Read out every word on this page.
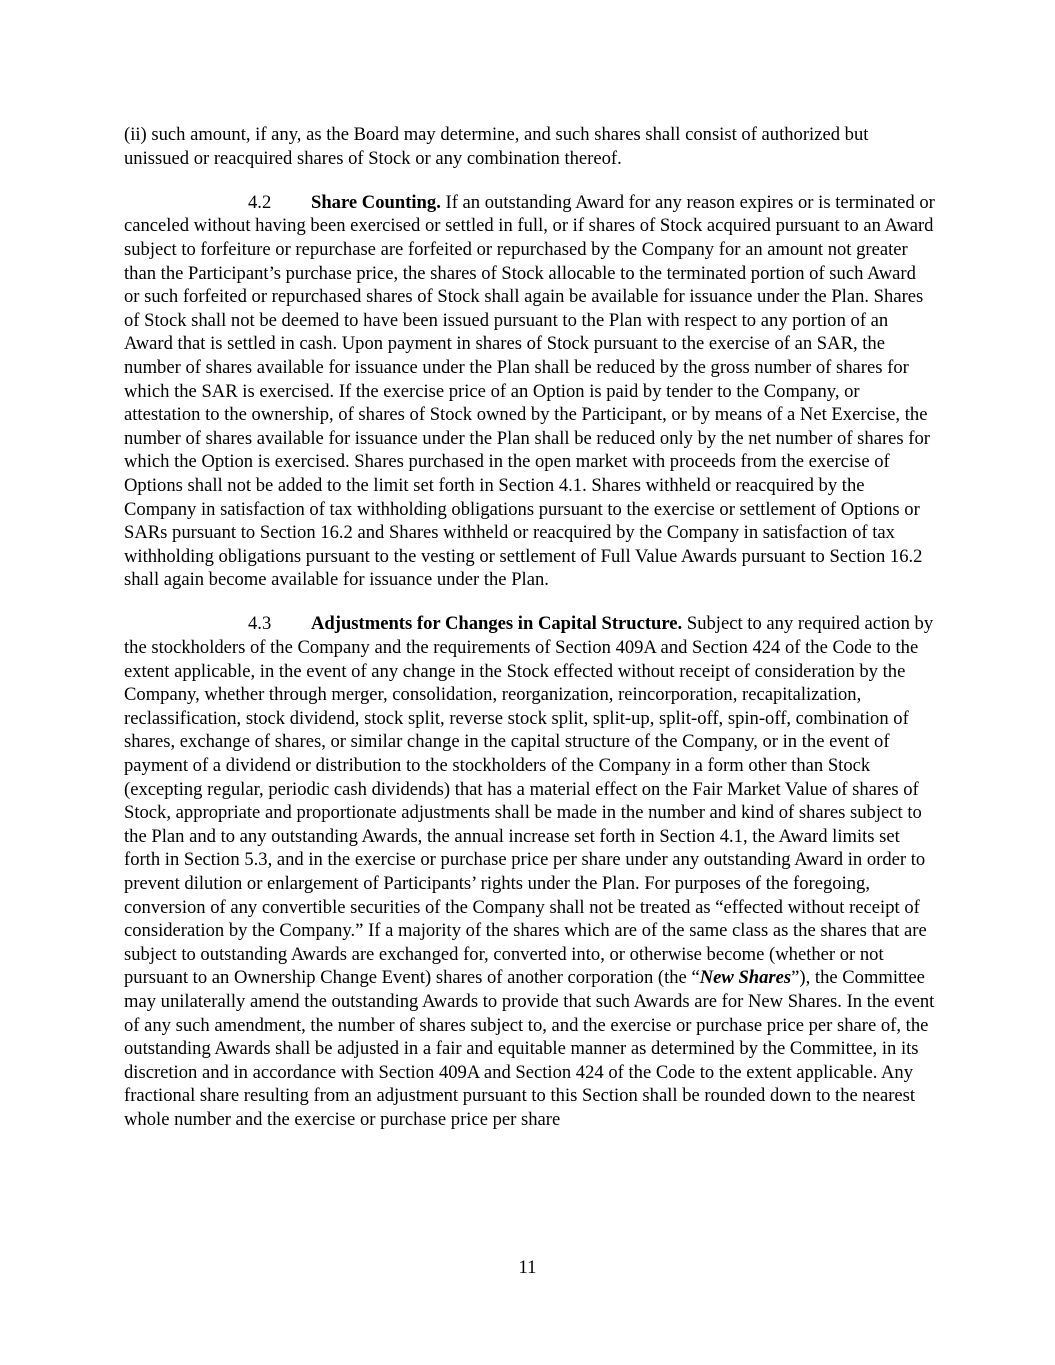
(ii) such amount, if any, as the Board may determine, and such shares shall consist of authorized but unissued or reacquired shares of Stock or any combination thereof.

4.2 Share Counting. If an outstanding Award for any reason expires or is terminated or canceled without having been exercised or settled in full, or if shares of Stock acquired pursuant to an Award subject to forfeiture or repurchase are forfeited or repurchased by the Company for an amount not greater than the Participant’s purchase price, the shares of Stock allocable to the terminated portion of such Award or such forfeited or repurchased shares of Stock shall again be available for issuance under the Plan. Shares of Stock shall not be deemed to have been issued pursuant to the Plan with respect to any portion of an Award that is settled in cash. Upon payment in shares of Stock pursuant to the exercise of an SAR, the number of shares available for issuance under the Plan shall be reduced by the gross number of shares for which the SAR is exercised. If the exercise price of an Option is paid by tender to the Company, or attestation to the ownership, of shares of Stock owned by the Participant, or by means of a Net Exercise, the number of shares available for issuance under the Plan shall be reduced only by the net number of shares for which the Option is exercised. Shares purchased in the open market with proceeds from the exercise of Options shall not be added to the limit set forth in Section 4.1. Shares withheld or reacquired by the Company in satisfaction of tax withholding obligations pursuant to the exercise or settlement of Options or SARs pursuant to Section 16.2 and Shares withheld or reacquired by the Company in satisfaction of tax withholding obligations pursuant to the vesting or settlement of Full Value Awards pursuant to Section 16.2 shall again become available for issuance under the Plan.

4.3 Adjustments for Changes in Capital Structure. Subject to any required action by the stockholders of the Company and the requirements of Section 409A and Section 424 of the Code to the extent applicable, in the event of any change in the Stock effected without receipt of consideration by the Company, whether through merger, consolidation, reorganization, reincorporation, recapitalization, reclassification, stock dividend, stock split, reverse stock split, split-up, split-off, spin-off, combination of shares, exchange of shares, or similar change in the capital structure of the Company, or in the event of payment of a dividend or distribution to the stockholders of the Company in a form other than Stock (excepting regular, periodic cash dividends) that has a material effect on the Fair Market Value of shares of Stock, appropriate and proportionate adjustments shall be made in the number and kind of shares subject to the Plan and to any outstanding Awards, the annual increase set forth in Section 4.1, the Award limits set forth in Section 5.3, and in the exercise or purchase price per share under any outstanding Award in order to prevent dilution or enlargement of Participants’ rights under the Plan. For purposes of the foregoing, conversion of any convertible securities of the Company shall not be treated as “effected without receipt of consideration by the Company.” If a majority of the shares which are of the same class as the shares that are subject to outstanding Awards are exchanged for, converted into, or otherwise become (whether or not pursuant to an Ownership Change Event) shares of another corporation (the “New Shares”), the Committee may unilaterally amend the outstanding Awards to provide that such Awards are for New Shares. In the event of any such amendment, the number of shares subject to, and the exercise or purchase price per share of, the outstanding Awards shall be adjusted in a fair and equitable manner as determined by the Committee, in its discretion and in accordance with Section 409A and Section 424 of the Code to the extent applicable. Any fractional share resulting from an adjustment pursuant to this Section shall be rounded down to the nearest whole number and the exercise or purchase price per share

11
